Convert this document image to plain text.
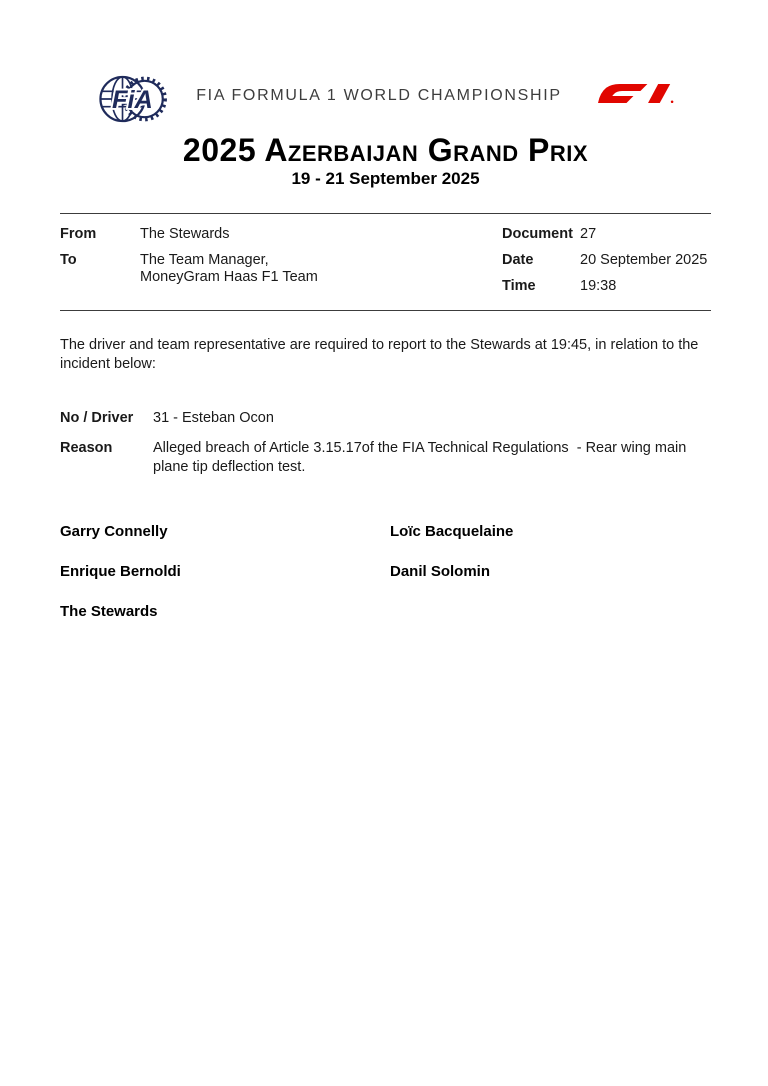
FiA	FIA FORMULA 1 WORLD CHAMPIONSHIP
2025 Azerbaijan Grand Prix
19 - 21 September 2025
From	The Stewards
To	The Team Manager,
MoneyGram Haas F1 Team
Document 27
Date	20 September 2025
Time	19:38

The driver and team representative are required to report to the Stewards at 19:45, in relation to the incident below:

No / Driver	31 - Esteban Ocon
Reason	Alleged breach of Article 3.15.17of the FIA Technical Regulations  - Rear wing main plane tip deflection test.
Garry Connelly	Loïc Bacquelaine
Enrique Bernoldi	Danil Solomin
The Stewards
